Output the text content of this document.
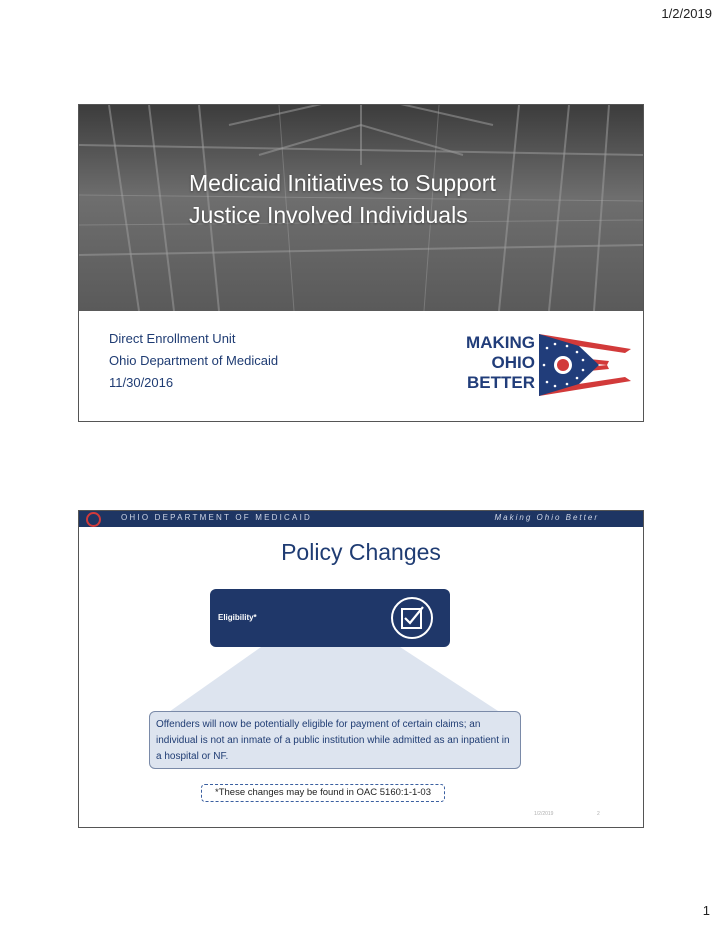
1/2/2019
Medicaid Initiatives to Support
Justice Involved Individuals
Direct Enrollment Unit
Ohio Department of Medicaid
11/30/2016
MAKING
OHIO
BETTER
OHIO DEPARTMENT OF MEDICAID	Making Ohio Better
Policy Changes
Eligibility*
Offenders will now be potentially eligible for payment of certain claims; an individual is not an inmate of a public institution while admitted as an inpatient in a hospital or NF.
*These changes may be found in OAC 5160:1-1-03
1/2/2019	2
1
